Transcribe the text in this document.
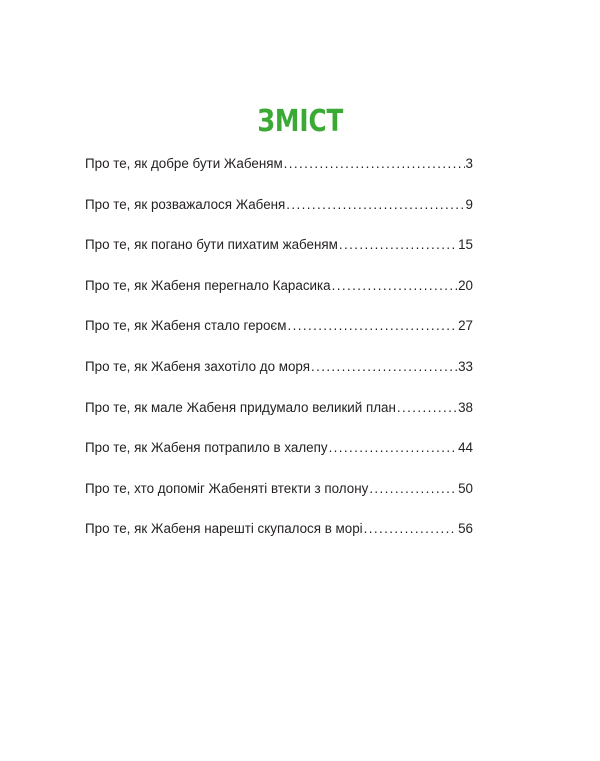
ЗМІСТ
Про те, як добре бути Жабеням .....	3
Про те, як розважалося Жабеня .....	9
Про те, як погано бути пихатим жабеням .....	15
Про те, як Жабеня перегнало Карасика .....	20
Про те, як Жабеня стало героєм .....	27
Про те, як Жабеня захотіло до моря .....	33
Про те, як мале Жабеня придумало великий план .....	38
Про те, як Жабеня потрапило в халепу .....	44
Про те, хто допоміг Жабеняті втекти з полону .....	50
Про те, як Жабеня нарешті скупалося в морі .....	56
